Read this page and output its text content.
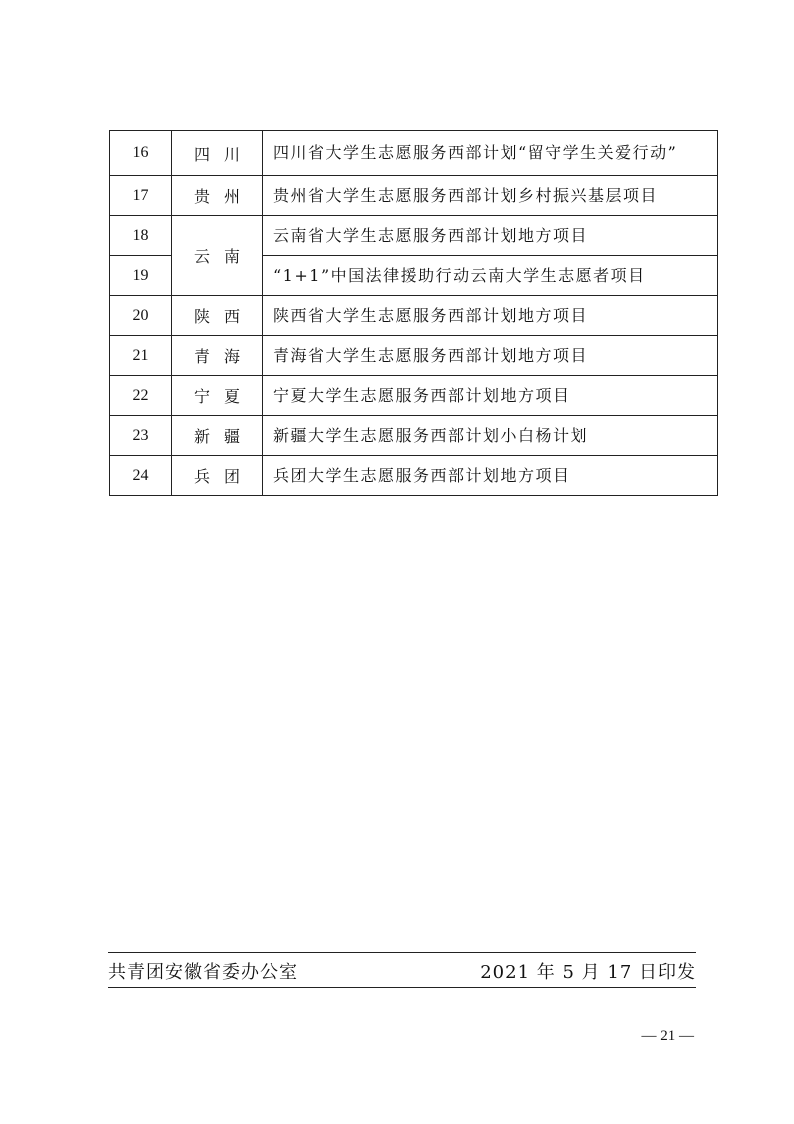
16	四川	四川省大学生志愿服务西部计划“留守学生关爱行动”
17	贵州	贵州省大学生志愿服务西部计划乡村振兴基层项目
18	云南	云南省大学生志愿服务西部计划地方项目
19		“1+1”中国法律援助行动云南大学生志愿者项目
20	陕西	陕西省大学生志愿服务西部计划地方项目
21	青海	青海省大学生志愿服务西部计划地方项目
22	宁夏	宁夏大学生志愿服务西部计划地方项目
23	新疆	新疆大学生志愿服务西部计划小白杨计划
24	兵团	兵团大学生志愿服务西部计划地方项目
共青团安徽省委办公室	2021 年 5 月 17 日印发
— 21 —
